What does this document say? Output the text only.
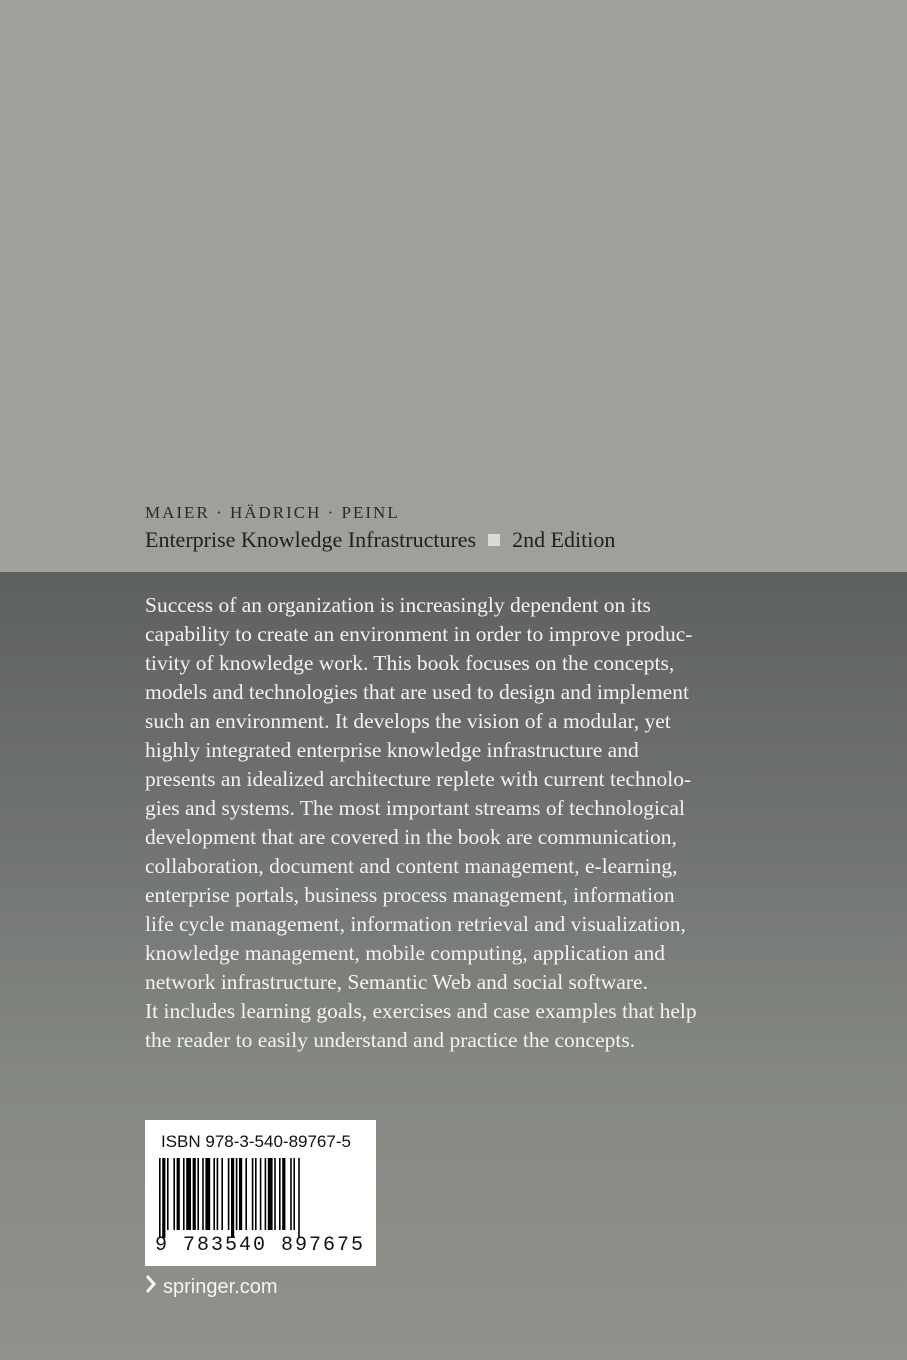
MAIER · HÄDRICH · PEINL
Enterprise Knowledge Infrastructures 2nd Edition
Success of an organization is increasingly dependent on its
capability to create an environment in order to improve produc-
tivity of knowledge work. This book focuses on the concepts,
models and technologies that are used to design and implement
such an environment. It develops the vision of a modular, yet
highly integrated enterprise knowledge infrastructure and
presents an idealized architecture replete with current technolo-
gies and systems. The most important streams of technological
development that are covered in the book are communication,
collaboration, document and content management, e-learning,
enterprise portals, business process management, information
life cycle management, information retrieval and visualization,
knowledge management, mobile computing, application and
network infrastructure, Semantic Web and social software.
It includes learning goals, exercises and case examples that help
the reader to easily understand and practice the concepts.
ISBN 978-3-540-89767-5
9 783540 897675
springer.com
